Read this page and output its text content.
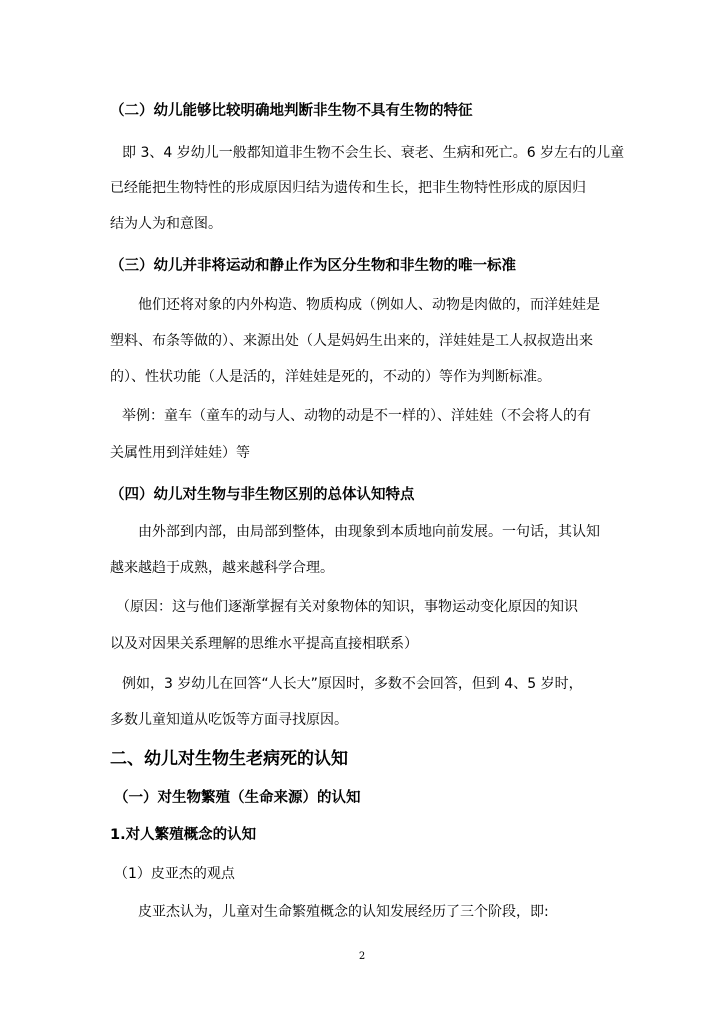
（二）幼儿能够比较明确地判断非生物不具有生物的特征
即 3、4 岁幼儿一般都知道非生物不会生长、衰老、生病和死亡。6 岁左右的儿童
已经能把生物特性的形成原因归结为遗传和生长，把非生物特性形成的原因归
结为人为和意图。
（三）幼儿并非将运动和静止作为区分生物和非生物的唯一标准
他们还将对象的内外构造、物质构成（例如人、动物是肉做的，而洋娃娃是
塑料、布条等做的）、来源出处（人是妈妈生出来的，洋娃娃是工人叔叔造出来
的）、性状功能（人是活的，洋娃娃是死的，不动的）等作为判断标准。
举例：童车（童车的动与人、动物的动是不一样的）、洋娃娃（不会将人的有
关属性用到洋娃娃）等
（四）幼儿对生物与非生物区别的总体认知特点
由外部到内部，由局部到整体，由现象到本质地向前发展。一句话，其认知
越来越趋于成熟，越来越科学合理。
（原因：这与他们逐渐掌握有关对象物体的知识，事物运动变化原因的知识
以及对因果关系理解的思维水平提高直接相联系）
例如，3 岁幼儿在回答“人长大”原因时，多数不会回答，但到 4、5 岁时，
多数儿童知道从吃饭等方面寻找原因。
二、幼儿对生物生老病死的认知
（一）对生物繁殖（生命来源）的认知
1.对人繁殖概念的认知
（1）皮亚杰的观点
皮亚杰认为，儿童对生命繁殖概念的认知发展经历了三个阶段，即:
2
